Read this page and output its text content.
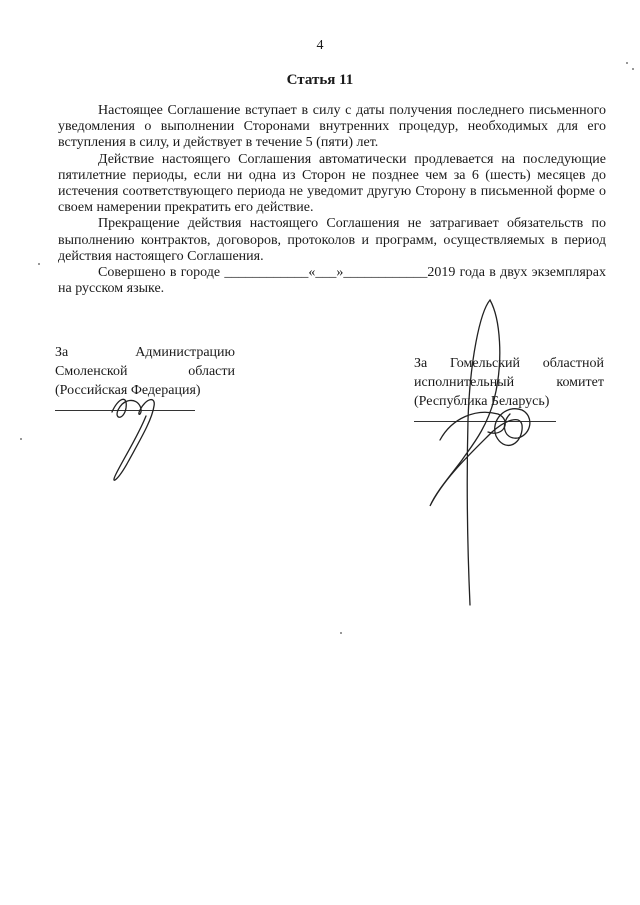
4
Статья 11

Настоящее Соглашение вступает в силу с даты получения последнего письменного уведомления о выполнении Сторонами внутренних процедур, необходимых для его вступления в силу, и действует в течение 5 (пяти) лет.

Действие настоящего Соглашения автоматически продлевается на последующие пятилетние периоды, если ни одна из Сторон не позднее чем за 6 (шесть) месяцев до истечения соответствующего периода не уведомит другую Сторону в письменной форме о своем намерении прекратить его действие.

Прекращение действия настоящего Соглашения не затрагивает обязательств по выполнению контрактов, договоров, протоколов и программ, осуществляемых в период действия настоящего Соглашения.

Совершено в городе ____________«___»____________2019 года в двух экземплярах на русском языке.

За	Администрацию
Смоленской	области
(Российская Федерация)
За Гомельский областной
исполнительный	комитет
(Республика Беларусь)
